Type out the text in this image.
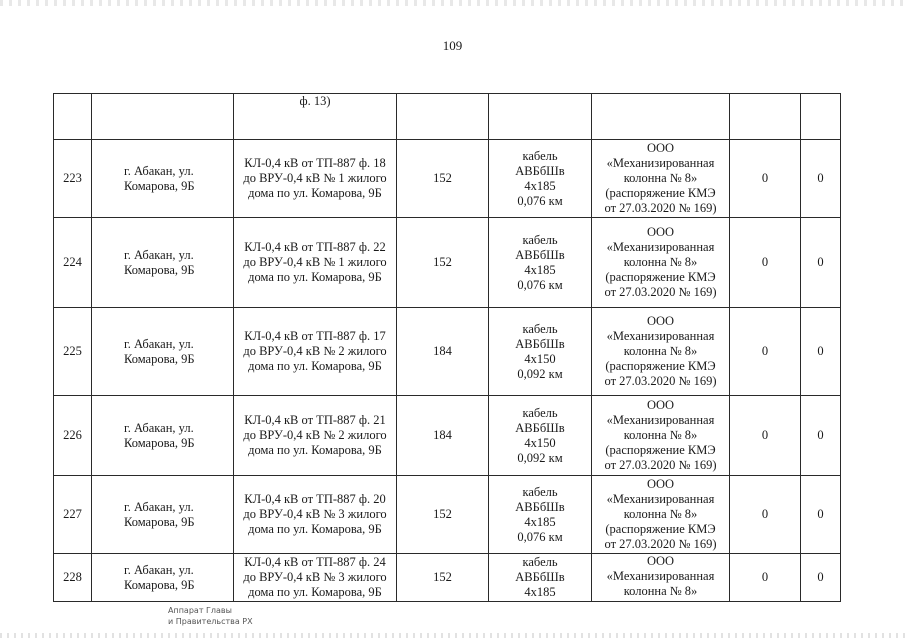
109
		ф. 13)					
223	г. Абакан, ул.
Комарова, 9Б	КЛ-0,4 кВ от ТП-887 ф. 18
до ВРУ-0,4 кВ № 1 жилого
дома по ул. Комарова, 9Б	152	кабель
АВБбШв
4х185
0,076 км	ООО
«Механизированная
колонна № 8»
(распоряжение КМЭ
от 27.03.2020 № 169)	0	0
224	г. Абакан, ул.
Комарова, 9Б	КЛ-0,4 кВ от ТП-887 ф. 22
до ВРУ-0,4 кВ № 1 жилого
дома по ул. Комарова, 9Б	152	кабель
АВБбШв
4х185
0,076 км	ООО
«Механизированная
колонна № 8»
(распоряжение КМЭ
от 27.03.2020 № 169)	0	0
225	г. Абакан, ул.
Комарова, 9Б	КЛ-0,4 кВ от ТП-887 ф. 17
до ВРУ-0,4 кВ № 2 жилого
дома по ул. Комарова, 9Б	184	кабель
АВБбШв
4х150
0,092 км	ООО
«Механизированная
колонна № 8»
(распоряжение КМЭ
от 27.03.2020 № 169)	0	0
226	г. Абакан, ул.
Комарова, 9Б	КЛ-0,4 кВ от ТП-887 ф. 21
до ВРУ-0,4 кВ № 2 жилого
дома по ул. Комарова, 9Б	184	кабель
АВБбШв
4х150
0,092 км	ООО
«Механизированная
колонна № 8»
(распоряжение КМЭ
от 27.03.2020 № 169)	0	0
227	г. Абакан, ул.
Комарова, 9Б	КЛ-0,4 кВ от ТП-887 ф. 20
до ВРУ-0,4 кВ № 3 жилого
дома по ул. Комарова, 9Б	152	кабель
АВБбШв
4х185
0,076 км	ООО
«Механизированная
колонна № 8»
(распоряжение КМЭ
от 27.03.2020 № 169)	0	0
228	г. Абакан, ул.
Комарова, 9Б	КЛ-0,4 кВ от ТП-887 ф. 24
до ВРУ-0,4 кВ № 3 жилого
дома по ул. Комарова, 9Б	152	кабель
АВБбШв
4х185	ООО
«Механизированная
колонна № 8»	0	0
Аппарат Главы
и Правительства РХ
